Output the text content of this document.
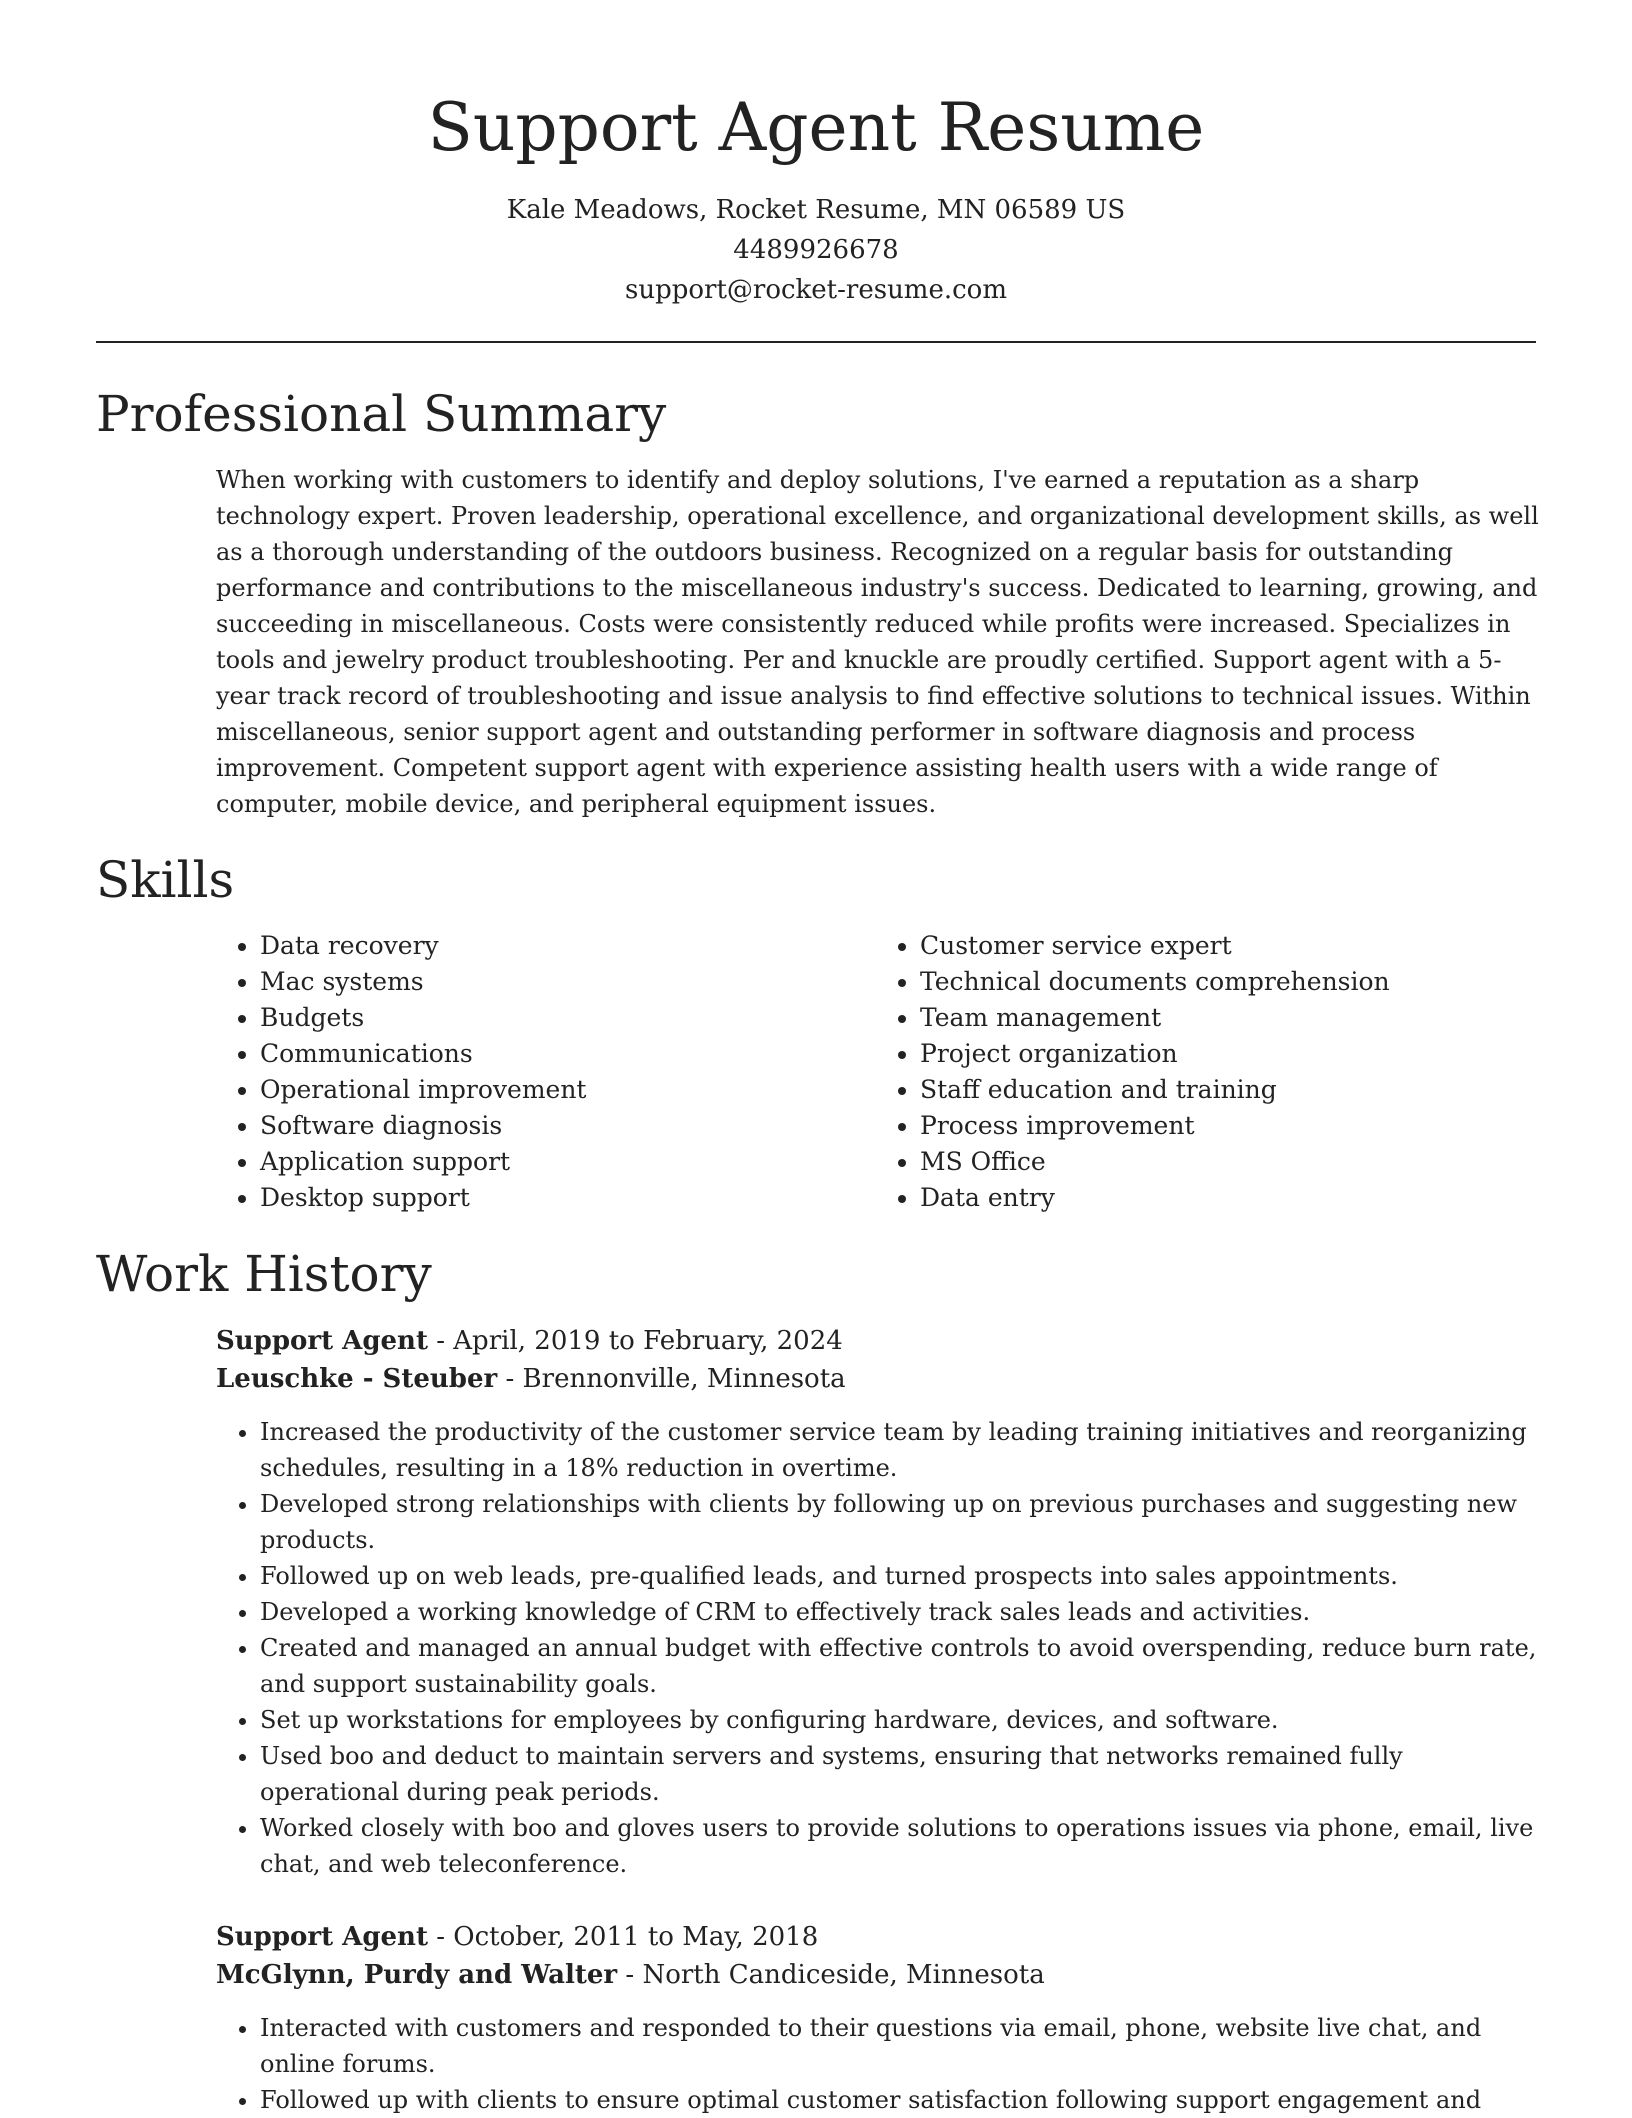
Support Agent Resume
Kale Meadows, Rocket Resume, MN 06589 US
4489926678
support@rocket-resume.com
Professional Summary

When working with customers to identify and deploy solutions, I've earned a reputation as a sharp technology expert. Proven leadership, operational excellence, and organizational development skills, as well as a thorough understanding of the outdoors business. Recognized on a regular basis for outstanding performance and contributions to the miscellaneous industry's success. Dedicated to learning, growing, and succeeding in miscellaneous. Costs were consistently reduced while profits were increased. Specializes in tools and jewelry product troubleshooting. Per and knuckle are proudly certified. Support agent with a 5-year track record of troubleshooting and issue analysis to find effective solutions to technical issues. Within miscellaneous, senior support agent and outstanding performer in software diagnosis and process improvement. Competent support agent with experience assisting health users with a wide range of computer, mobile device, and peripheral equipment issues.

Skills
• Data recovery
• Mac systems
• Budgets
• Communications
• Operational improvement
• Software diagnosis
• Application support
• Desktop support
• Customer service expert
• Technical documents comprehension
• Team management
• Project organization
• Staff education and training
• Process improvement
• MS Office
• Data entry
Work History

Support Agent - April, 2019 to February, 2024

Leuschke - Steuber - Brennonville, Minnesota

• Increased the productivity of the customer service team by leading training initiatives and reorganizing schedules, resulting in a 18% reduction in overtime.
• Developed strong relationships with clients by following up on previous purchases and suggesting new products.
• Followed up on web leads, pre-qualified leads, and turned prospects into sales appointments.
• Developed a working knowledge of CRM to effectively track sales leads and activities.
• Created and managed an annual budget with effective controls to avoid overspending, reduce burn rate, and support sustainability goals.
• Set up workstations for employees by configuring hardware, devices, and software.
• Used boo and deduct to maintain servers and systems, ensuring that networks remained fully operational during peak periods.
• Worked closely with boo and gloves users to provide solutions to operations issues via phone, email, live chat, and web teleconference.

Support Agent - October, 2011 to May, 2018

McGlynn, Purdy and Walter - North Candiceside, Minnesota

• Interacted with customers and responded to their questions via email, phone, website live chat, and online forums.
• Followed up with clients to ensure optimal customer satisfaction following support engagement and
